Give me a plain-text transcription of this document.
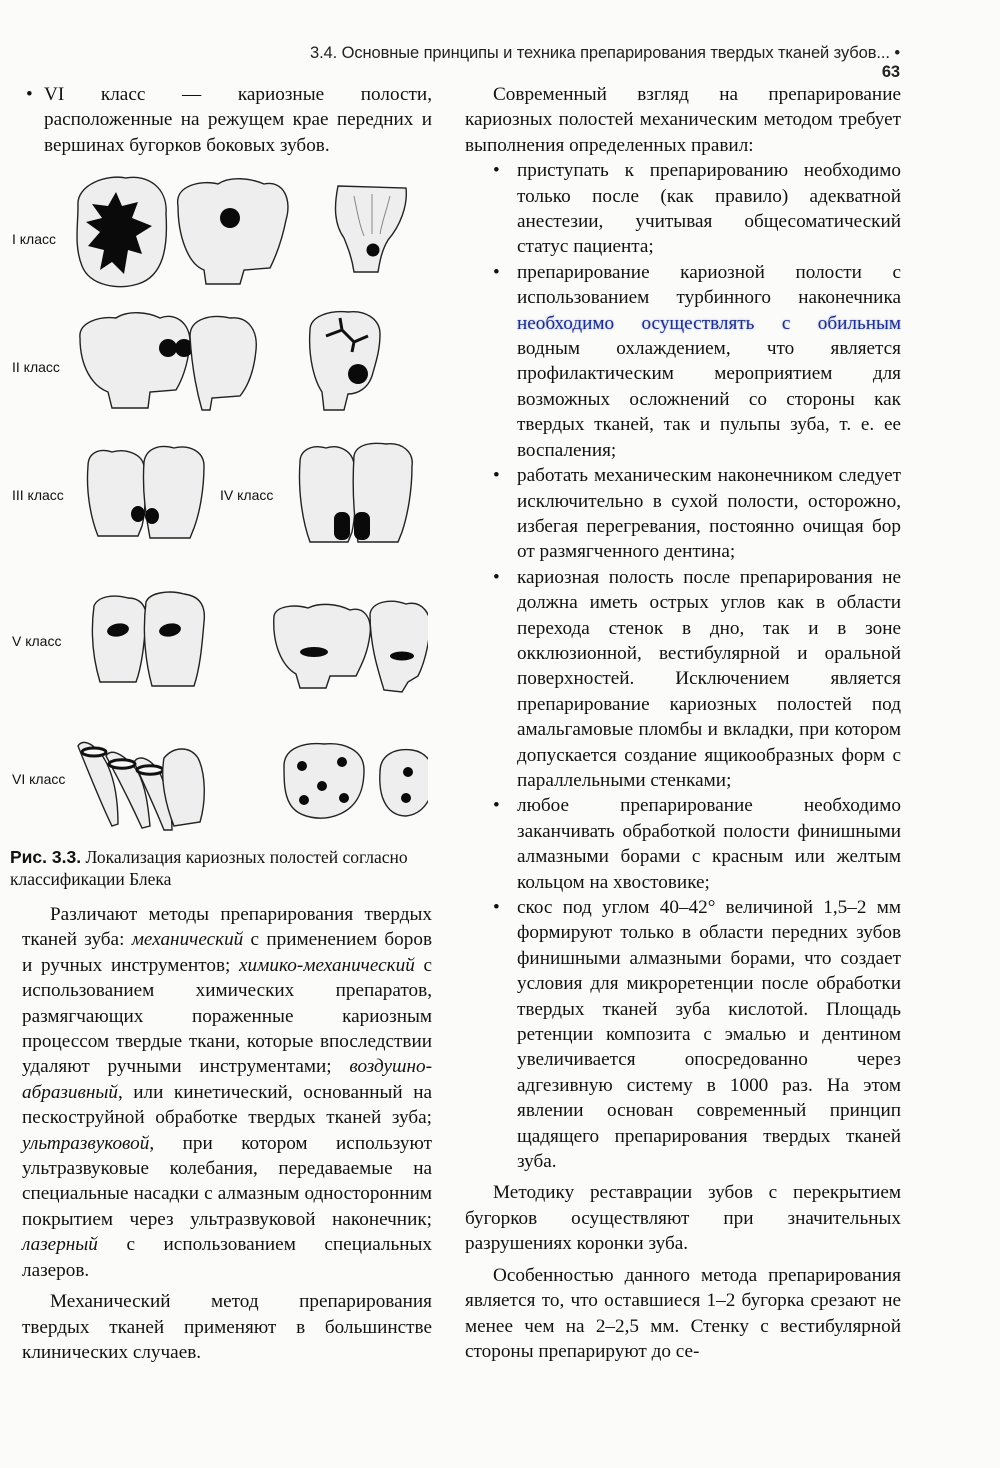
3.4. Основные принципы и техника препарирования твердых тканей зубов... • 63

• VI класс — кариозные полости, расположенные на режущем крае передних и вершинах бугорков боковых зубов.

I класс
II класс
III класс	IV класс
V класс
VI класс
Рис. 3.3. Локализация кариозных полостей согласно классификации Блека

Различают методы препарирования твердых тканей зуба: механический с применением боров и ручных инструментов; химико-механический с использованием химических препаратов, размягчающих пораженные кариозным процессом твердые ткани, которые впоследствии удаляют ручными инструментами; воздушно-абразивный, или кинетический, основанный на пескоструйной обработке твердых тканей зуба; ультразвуковой, при котором используют ультразвуковые колебания, передаваемые на специальные насадки с алмазным односторонним покрытием через ультразвуковой наконечник; лазерный с использованием специальных лазеров.

Механический метод препарирования твердых тканей применяют в большинстве клинических случаев.

Современный взгляд на препарирование кариозных полостей механическим методом требует выполнения определенных правил:

• приступать к препарированию необходимо только после (как правило) адекватной анестезии, учитывая общесоматический статус пациента;

• препарирование кариозной полости с использованием турбинного наконечника необходимо осуществлять с обильным водным охлаждением, что является профилактическим мероприятием для возможных осложнений со стороны как твердых тканей, так и пульпы зуба, т. е. ее воспаления;

• работать механическим наконечником следует исключительно в сухой полости, осторожно, избегая перегревания, постоянно очищая бор от размягченного дентина;

• кариозная полость после препарирования не должна иметь острых углов как в области перехода стенок в дно, так и в зоне окклюзионной, вестибулярной и оральной поверхностей. Исключением является препарирование кариозных полостей под амальгамовые пломбы и вкладки, при котором допускается создание ящикообразных форм с параллельными стенками;

• любое препарирование необходимо заканчивать обработкой полости финишными алмазными борами с красным или желтым кольцом на хвостовике;

• скос под углом 40–42° величиной 1,5–2 мм формируют только в области передних зубов финишными алмазными борами, что создает условия для микроретенции после обработки твердых тканей зуба кислотой. Площадь ретенции композита с эмалью и дентином увеличивается опосредованно через адгезивную систему в 1000 раз. На этом явлении основан современный принцип щадящего препарирования твердых тканей зуба.

Методику реставрации зубов с перекрытием бугорков осуществляют при значительных разрушениях коронки зуба.

Особенностью данного метода препарирования является то, что оставшиеся 1–2 бугорка срезают не менее чем на 2–2,5 мм. Стенку с вестибулярной стороны препарируют до се-
